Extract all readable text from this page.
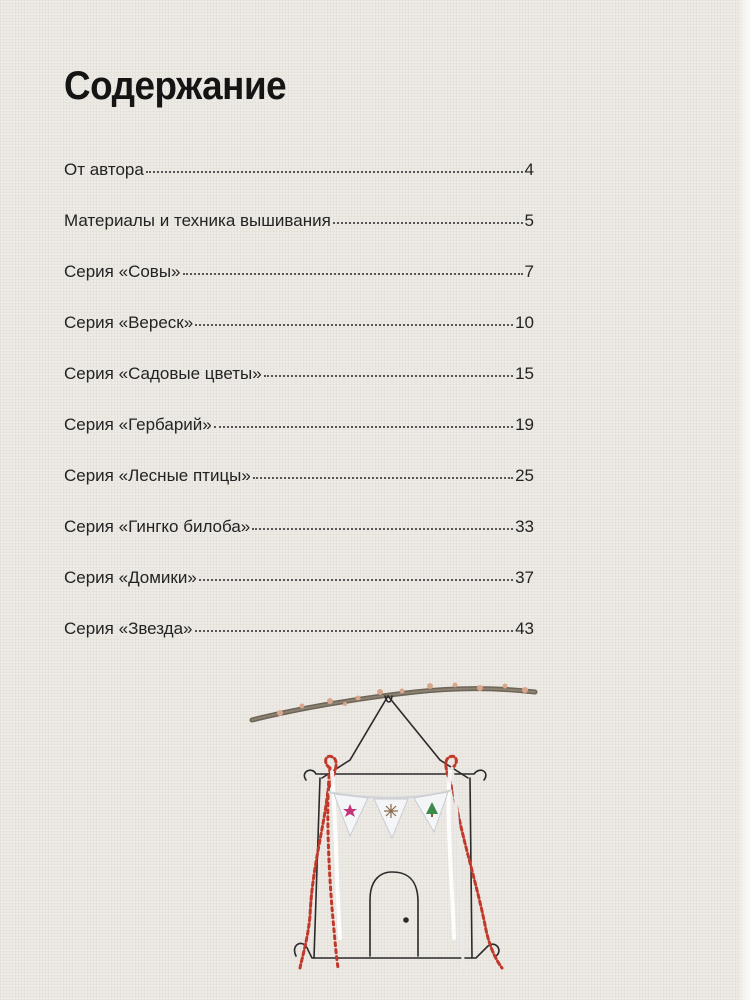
Содержание
От автора	4
Материалы и техника вышивания	5
Серия «Совы»	7
Серия «Вереск»	10
Серия «Садовые цветы»	15
Серия «Гербарий»	19
Серия «Лесные птицы»	25
Серия «Гингко билоба»	33
Серия «Домики»	37
Серия «Звезда»	43
